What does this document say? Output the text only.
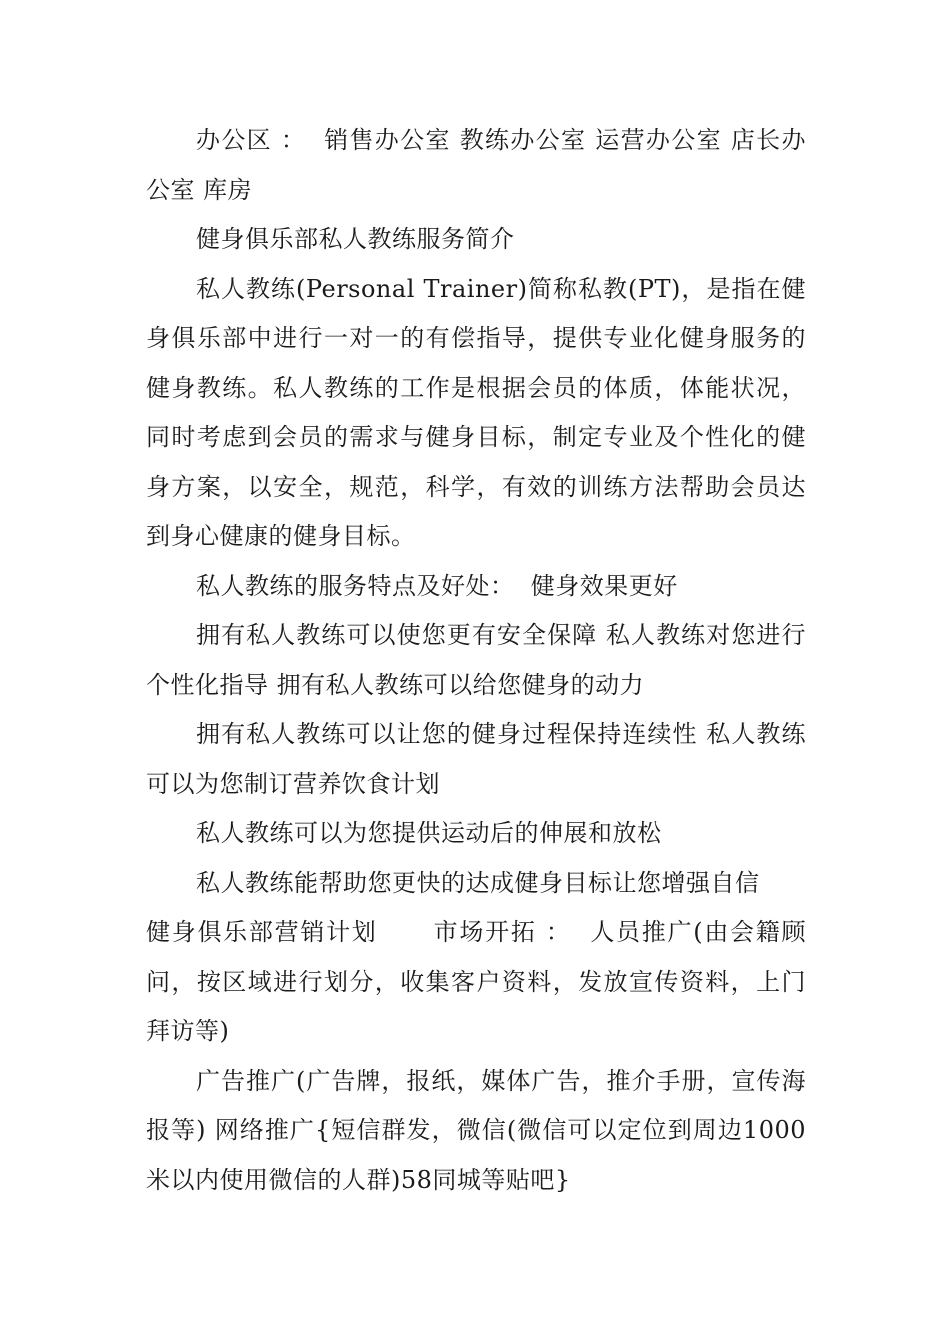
办公区 ：  销售办公室 教练办公室 运营办公室 店长办公室 库房

健身俱乐部私人教练服务简介

私人教练(Personal Trainer)简称私教(PT)，是指在健身俱乐部中进行一对一的有偿指导，提供专业化健身服务的健身教练。私人教练的工作是根据会员的体质，体能状况，同时考虑到会员的需求与健身目标，制定专业及个性化的健身方案，以安全，规范，科学，有效的训练方法帮助会员达到身心健康的健身目标。

私人教练的服务特点及好处：  健身效果更好

拥有私人教练可以使您更有安全保障 私人教练对您进行个性化指导 拥有私人教练可以给您健身的动力

拥有私人教练可以让您的健身过程保持连续性 私人教练可以为您制订营养饮食计划

私人教练可以为您提供运动后的伸展和放松

私人教练能帮助您更快的达成健身目标让您增强自信

健身俱乐部营销计划      市场开拓 ：  人员推广(由会籍顾问，按区域进行划分，收集客户资料，发放宣传资料，上门拜访等)

广告推广(广告牌，报纸，媒体广告，推介手册，宣传海报等) 网络推广{短信群发，微信(微信可以定位到周边1000米以内使用微信的人群)58同城等贴吧}
